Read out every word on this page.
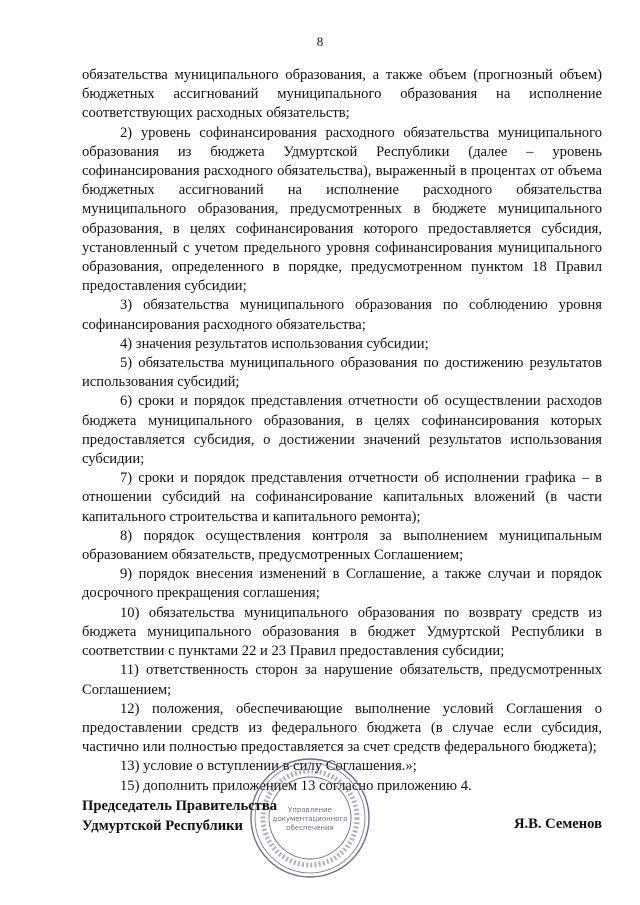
8

обязательства муниципального образования, а также объем (прогнозный объем) бюджетных ассигнований муниципального образования на исполнение соответствующих расходных обязательств;

2) уровень софинансирования расходного обязательства муниципального образования из бюджета Удмуртской Республики (далее – уровень софинансирования расходного обязательства), выраженный в процентах от объема бюджетных ассигнований на исполнение расходного обязательства муниципального образования, предусмотренных в бюджете муниципального образования, в целях софинансирования которого предоставляется субсидия, установленный с учетом предельного уровня софинансирования муниципального образования, определенного в порядке, предусмотренном пунктом 18 Правил предоставления субсидии;

3) обязательства муниципального образования по соблюдению уровня софинансирования расходного обязательства;

4) значения результатов использования субсидии;

5) обязательства муниципального образования по достижению результатов использования субсидий;

6) сроки и порядок представления отчетности об осуществлении расходов бюджета муниципального образования, в целях софинансирования которых предоставляется субсидия, о достижении значений результатов использования субсидии;

7) сроки и порядок представления отчетности об исполнении графика – в отношении субсидий на софинансирование капитальных вложений (в части капитального строительства и капитального ремонта);

8) порядок осуществления контроля за выполнением муниципальным образованием обязательств, предусмотренных Соглашением;

9) порядок внесения изменений в Соглашение, а также случаи и порядок досрочного прекращения соглашения;

10) обязательства муниципального образования по возврату средств из бюджета муниципального образования в бюджет Удмуртской Республики в соответствии с пунктами 22 и 23 Правил предоставления субсидии;

11) ответственность сторон за нарушение обязательств, предусмотренных Соглашением;

12) положения, обеспечивающие выполнение условий Соглашения о предоставлении средств из федерального бюджета (в случае если субсидия, частично или полностью предоставляется за счет средств федерального бюджета);

13) условие о вступлении в силу Соглашения.»;

15) дополнить приложением 13 согласно приложению 4.

Управление
документационного
обеспечения
Председатель Правительства
Удмуртской Республики	Я.В. Семенов
